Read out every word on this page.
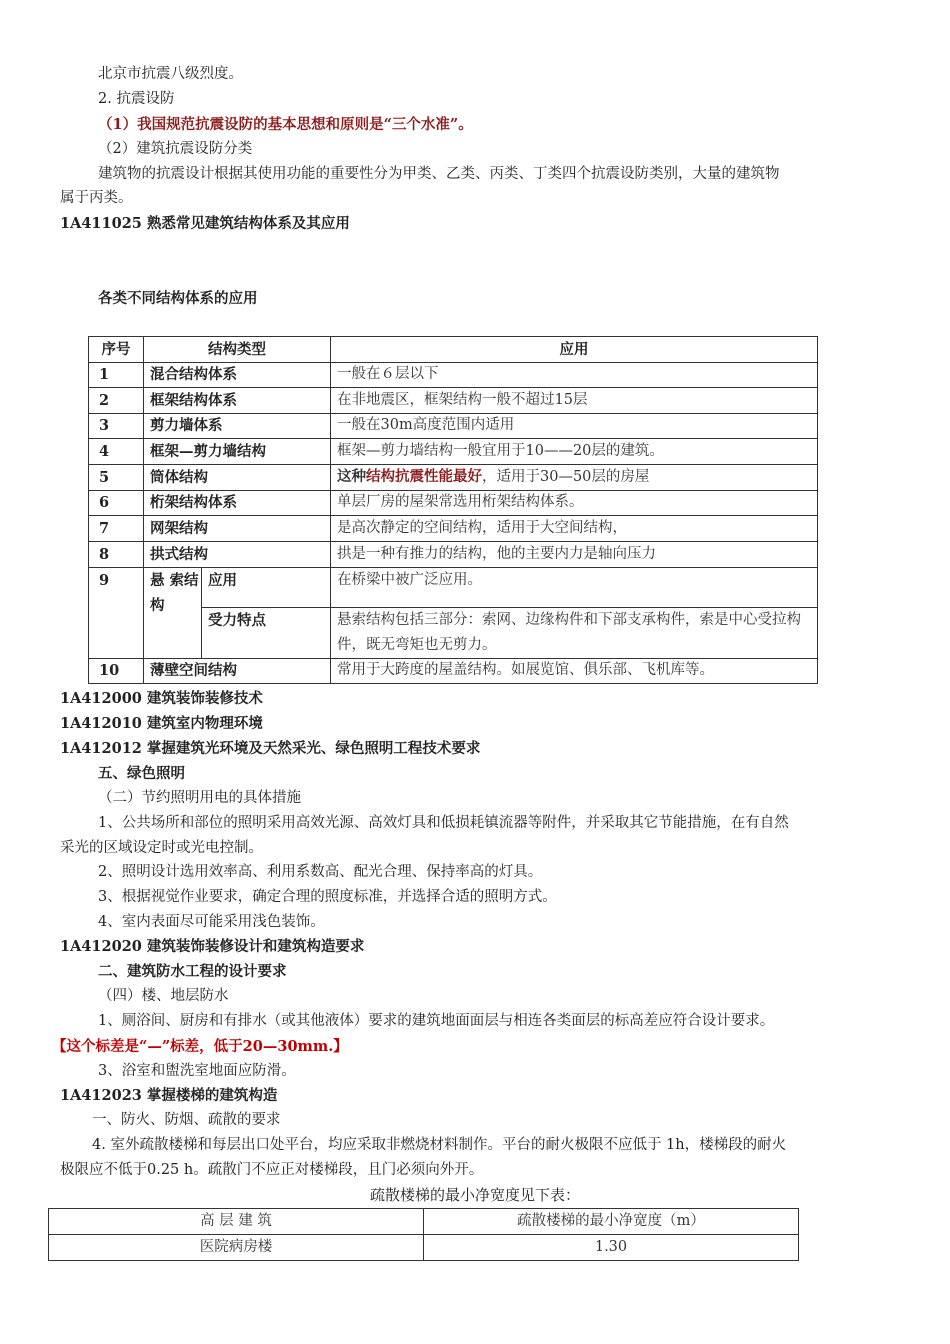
北京市抗震八级烈度。
2. 抗震设防
（1）我国规范抗震设防的基本思想和原则是“三个水准”。
（2）建筑抗震设防分类
建筑物的抗震设计根据其使用功能的重要性分为甲类、乙类、丙类、丁类四个抗震设防类别，大量的建筑物
属于丙类。
1A411025 熟悉常见建筑结构体系及其应用
各类不同结构体系的应用
序号	结构类型		应用
1	混合结构体系		一般在６层以下
2	框架结构体系		在非地震区，框架结构一般不超过15层
3	剪力墙体系		一般在30m高度范围内适用
4	框架—剪力墙结构		框架—剪力墙结构一般宜用于10——20层的建筑。
5	筒体结构		这种结构抗震性能最好，适用于30—50层的房屋
6	桁架结构体系		单层厂房的屋架常选用桁架结构体系。
7	网架结构		是高次静定的空间结构，适用于大空间结构，
8	拱式结构		拱是一种有推力的结构，他的主要内力是轴向压力
9	悬 索结构	应用	在桥梁中被广泛应用。
		受力特点	悬索结构包括三部分：索网、边缘构件和下部支承构件，索是中心受拉构件，既无弯矩也无剪力。
10	薄壁空间结构		常用于大跨度的屋盖结构。如展览馆、俱乐部、飞机库等。
1A412000 建筑装饰装修技术
1A412010 建筑室内物理环境
1A412012 掌握建筑光环境及天然采光、绿色照明工程技术要求
五、绿色照明
（二）节约照明用电的具体措施
1、公共场所和部位的照明采用高效光源、高效灯具和低损耗镇流器等附件，并采取其它节能措施，在有自然
采光的区域设定时或光电控制。
2、照明设计选用效率高、利用系数高、配光合理、保持率高的灯具。
3、根据视觉作业要求，确定合理的照度标准，并选择合适的照明方式。
4、室内表面尽可能采用浅色装饰。
1A412020 建筑装饰装修设计和建筑构造要求
二、建筑防水工程的设计要求
（四）楼、地层防水
1、厕浴间、厨房和有排水（或其他液体）要求的建筑地面面层与相连各类面层的标高差应符合设计要求。
【这个标差是“—”标差，低于20—30mm.】
3、浴室和盥洗室地面应防滑。
1A412023 掌握楼梯的建筑构造
一、防火、防烟、疏散的要求
4. 室外疏散楼梯和每层出口处平台，均应采取非燃烧材料制作。平台的耐火极限不应低于 1h，楼梯段的耐火
极限应不低于0.25 h。疏散门不应正对楼梯段，且门必须向外开。
疏散楼梯的最小净宽度见下表：
高 层 建 筑	疏散楼梯的最小净宽度（m）
医院病房楼	1.30
